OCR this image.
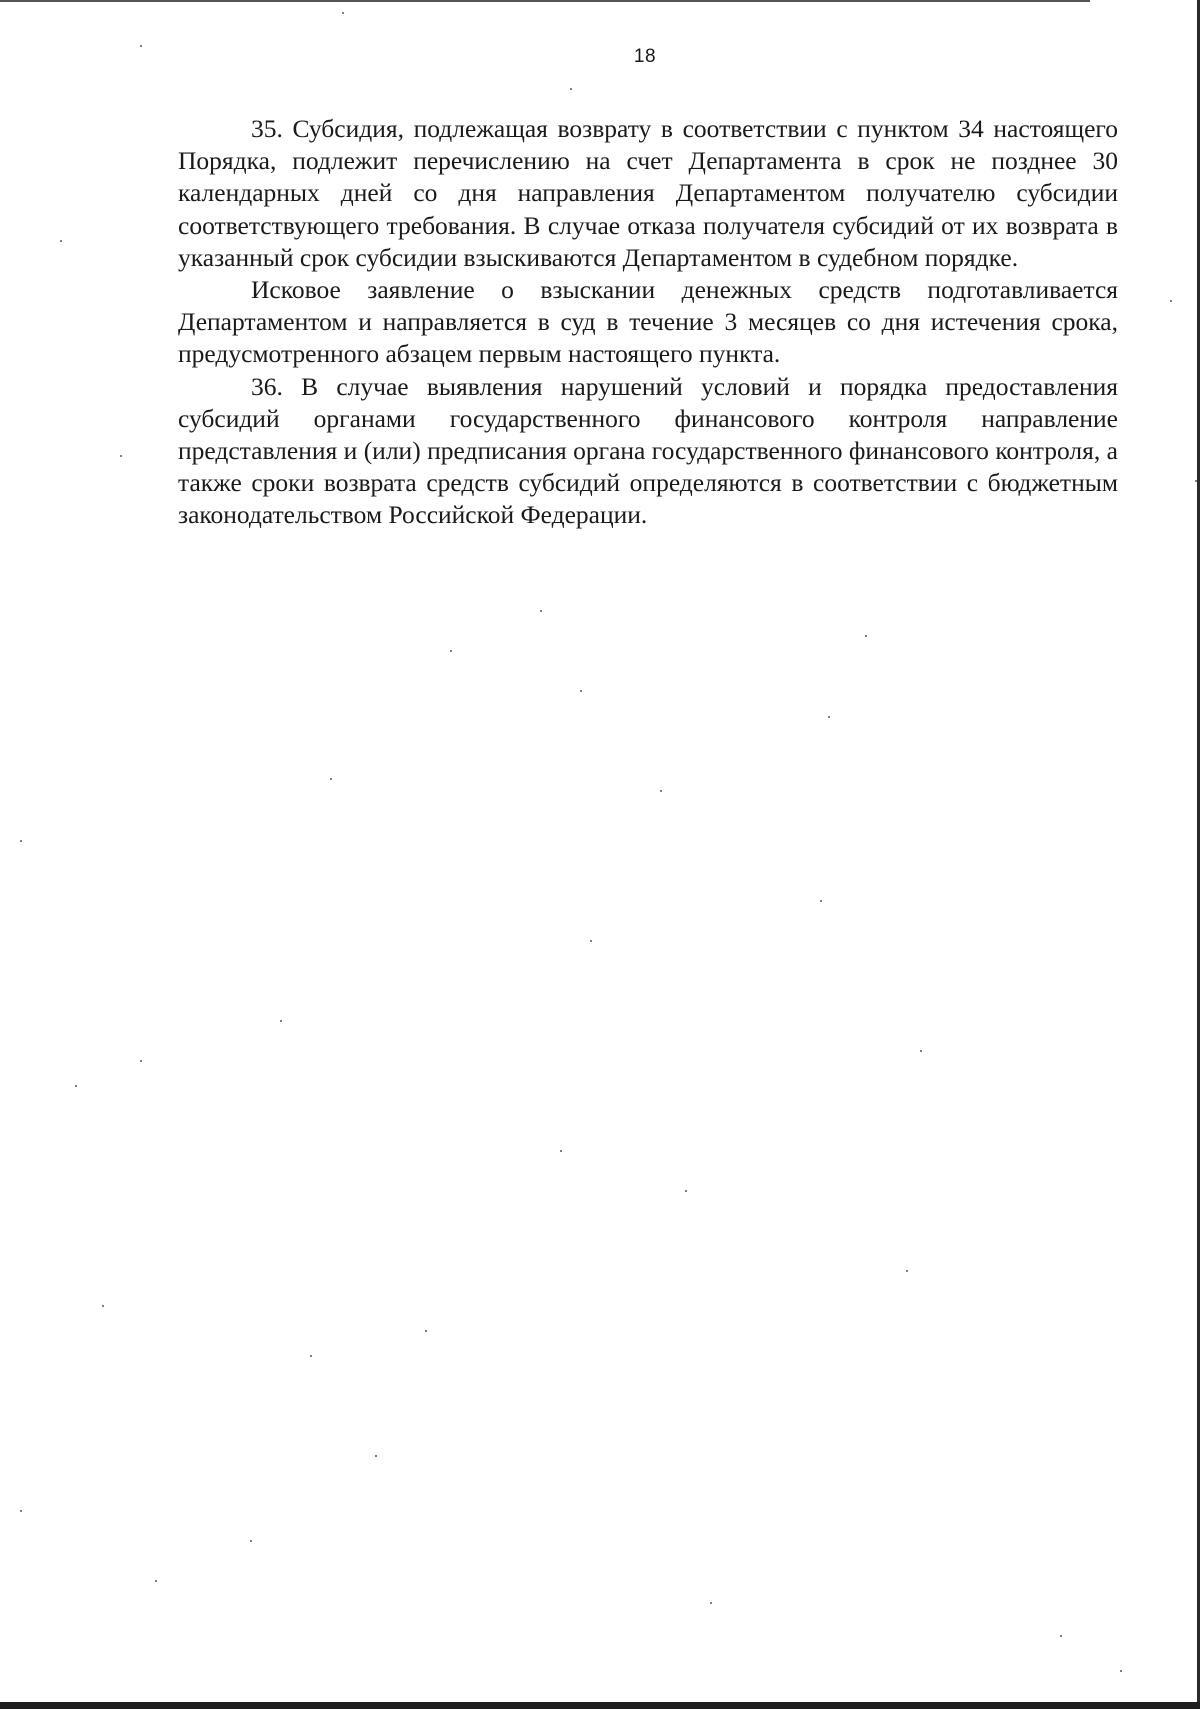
18

35. Субсидия, подлежащая возврату в соответствии с пунктом 34 настоящего Порядка, подлежит перечислению на счет Департамента в срок не позднее 30 календарных дней со дня направления Департаментом получателю субсидии соответствующего требования. В случае отказа получателя субсидий от их возврата в указанный срок субсидии взыскиваются Департаментом в судебном порядке.

Исковое заявление о взыскании денежных средств подготавливается Департаментом и направляется в суд в течение 3 месяцев со дня истечения срока, предусмотренного абзацем первым настоящего пункта.

36. В случае выявления нарушений условий и порядка предоставления субсидий органами государственного финансового контроля направление представления и (или) предписания органа государственного финансового контроля, а также сроки возврата средств субсидий определяются в соответствии с бюджетным законодательством Российской Федерации.
